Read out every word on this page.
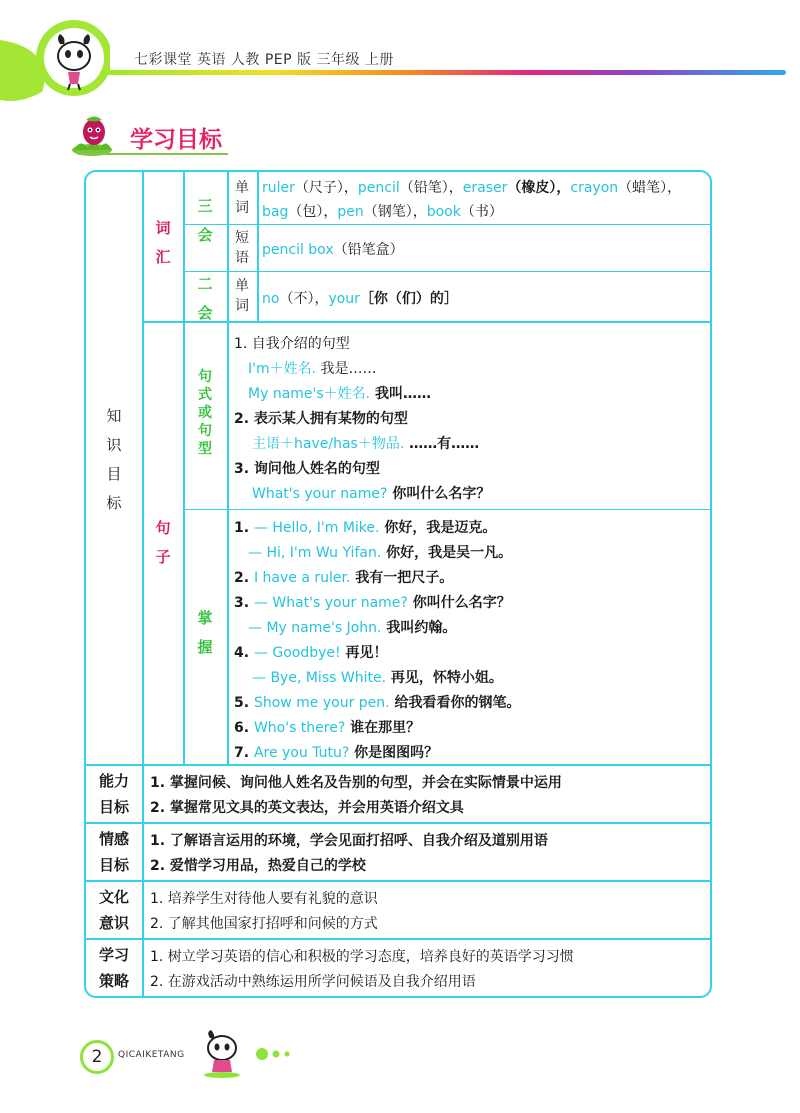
七彩课堂 英语 人教 PEP 版 三年级 上册
学习目标
知
识
目
标
词
汇
句
子
三
会
二
会
句
式
或
句
型
掌
握
单词
短语
单词
ruler（尺子），pencil（铅笔），eraser（橡皮），crayon（蜡笔），
bag（包），pen（钢笔），book（书）
pencil box（铅笔盒）
no（不），your［你（们）的］
1. 自我介绍的句型
I'm＋姓名. 我是……
My name's＋姓名. 我叫……
2. 表示某人拥有某物的句型
主语＋have/has＋物品. ……有……
3. 询问他人姓名的句型
What's your name? 你叫什么名字？
1. — Hello, I'm Mike. 你好，我是迈克。
— Hi, I'm Wu Yifan. 你好，我是吴一凡。
2. I have a ruler. 我有一把尺子。
3. — What's your name? 你叫什么名字？
— My name's John. 我叫约翰。
4. — Goodbye! 再见！
— Bye, Miss White. 再见，怀特小姐。
5. Show me your pen. 给我看看你的钢笔。
6. Who's there? 谁在那里？
7. Are you Tutu? 你是图图吗？
能力
目标
1. 掌握问候、询问他人姓名及告别的句型，并会在实际情景中运用
2. 掌握常见文具的英文表达，并会用英语介绍文具
情感
目标
1. 了解语言运用的环境，学会见面打招呼、自我介绍及道别用语
2. 爱惜学习用品，热爱自己的学校
文化
意识
1. 培养学生对待他人要有礼貌的意识
2. 了解其他国家打招呼和问候的方式
学习
策略
1. 树立学习英语的信心和积极的学习态度，培养良好的英语学习习惯
2. 在游戏活动中熟练运用所学问候语及自我介绍用语
2	QICAIKETANG
